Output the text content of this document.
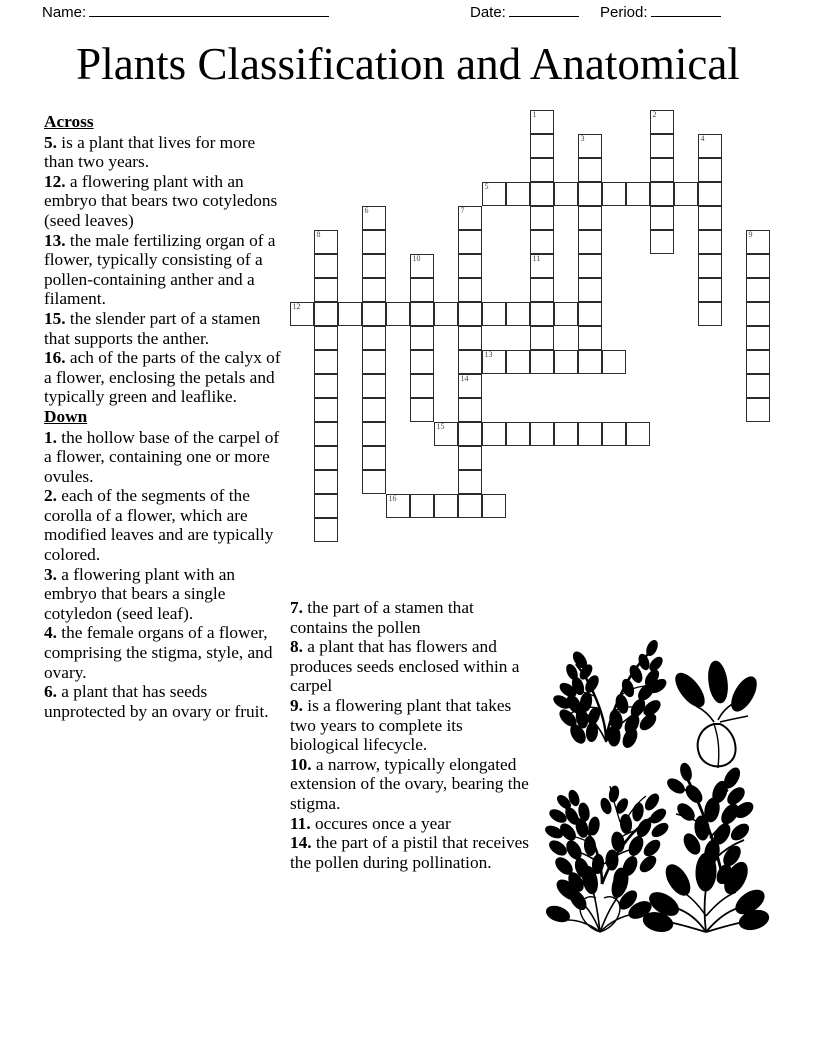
Name:	Date:	Period:
Plants Classification and Anatomical
Across
5. is a plant that lives for more than two years.
12. a flowering plant with an embryo that bears two cotyledons (seed leaves)
13. the male fertilizing organ of a flower, typically consisting of a pollen-containing anther and a filament.
15. the slender part of a stamen that supports the anther.
16. ach of the parts of the calyx of a flower, enclosing the petals and typically green and leaflike.
Down
1. the hollow base of the carpel of a flower, containing one or more ovules.
2. each of the segments of the corolla of a flower, which are modified leaves and are typically colored.
3. a flowering plant with an embryo that bears a single cotyledon (seed leaf).
4. the female organs of a flower, comprising the stigma, style, and ovary.
6. a plant that has seeds unprotected by an ovary or fruit.
7. the part of a stamen that contains the pollen
8. a plant that has flowers and produces seeds enclosed within a carpel
9. is a flowering plant that takes two years to complete its biological lifecycle.
10. a narrow, typically elongated extension of the ovary, bearing the stigma.
11. occures once a year
14. the part of a pistil that receives the pollen during pollination.
1	2
3	4
5
6	7
8	9
10	11
12
13
14
15
16
